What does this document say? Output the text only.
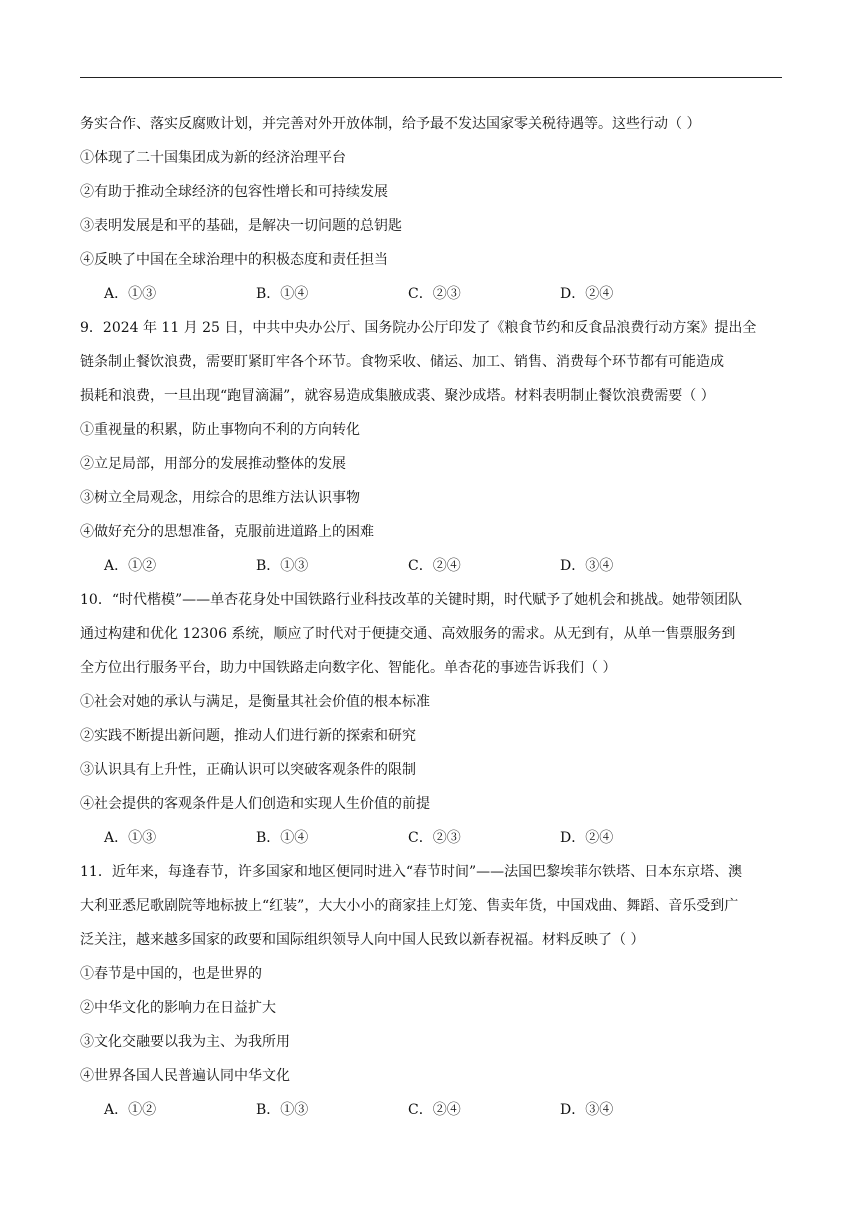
务实合作、落实反腐败计划，并完善对外开放体制，给予最不发达国家零关税待遇等。这些行动（ ）
①体现了二十国集团成为新的经济治理平台
②有助于推动全球经济的包容性增长和可持续发展
③表明发展是和平的基础，是解决一切问题的总钥匙
④反映了中国在全球治理中的积极态度和责任担当
A．①③	B．①④	C．②③	D．②④
9．2024 年 11 月 25 日，中共中央办公厅、国务院办公厅印发了《粮食节约和反食品浪费行动方案》提出全
链条制止餐饮浪费，需要盯紧盯牢各个环节。食物采收、储运、加工、销售、消费每个环节都有可能造成
损耗和浪费，一旦出现“跑冒滴漏”，就容易造成集腋成裘、聚沙成塔。材料表明制止餐饮浪费需要（ ）
①重视量的积累，防止事物向不利的方向转化
②立足局部，用部分的发展推动整体的发展
③树立全局观念，用综合的思维方法认识事物
④做好充分的思想准备，克服前进道路上的困难
A．①②	B．①③	C．②④	D．③④
10．“时代楷模”——单杏花身处中国铁路行业科技改革的关键时期，时代赋予了她机会和挑战。她带领团队
通过构建和优化 12306 系统，顺应了时代对于便捷交通、高效服务的需求。从无到有，从单一售票服务到
全方位出行服务平台，助力中国铁路走向数字化、智能化。单杏花的事迹告诉我们（ ）
①社会对她的承认与满足，是衡量其社会价值的根本标准
②实践不断提出新问题，推动人们进行新的探索和研究
③认识具有上升性，正确认识可以突破客观条件的限制
④社会提供的客观条件是人们创造和实现人生价值的前提
A．①③	B．①④	C．②③	D．②④
11．近年来，每逢春节，许多国家和地区便同时进入“春节时间”——法国巴黎埃菲尔铁塔、日本东京塔、澳
大利亚悉尼歌剧院等地标披上“红装”，大大小小的商家挂上灯笼、售卖年货，中国戏曲、舞蹈、音乐受到广
泛关注，越来越多国家的政要和国际组织领导人向中国人民致以新春祝福。材料反映了（ ）
①春节是中国的，也是世界的
②中华文化的影响力在日益扩大
③文化交融要以我为主、为我所用
④世界各国人民普遍认同中华文化
A．①②	B．①③	C．②④	D．③④
